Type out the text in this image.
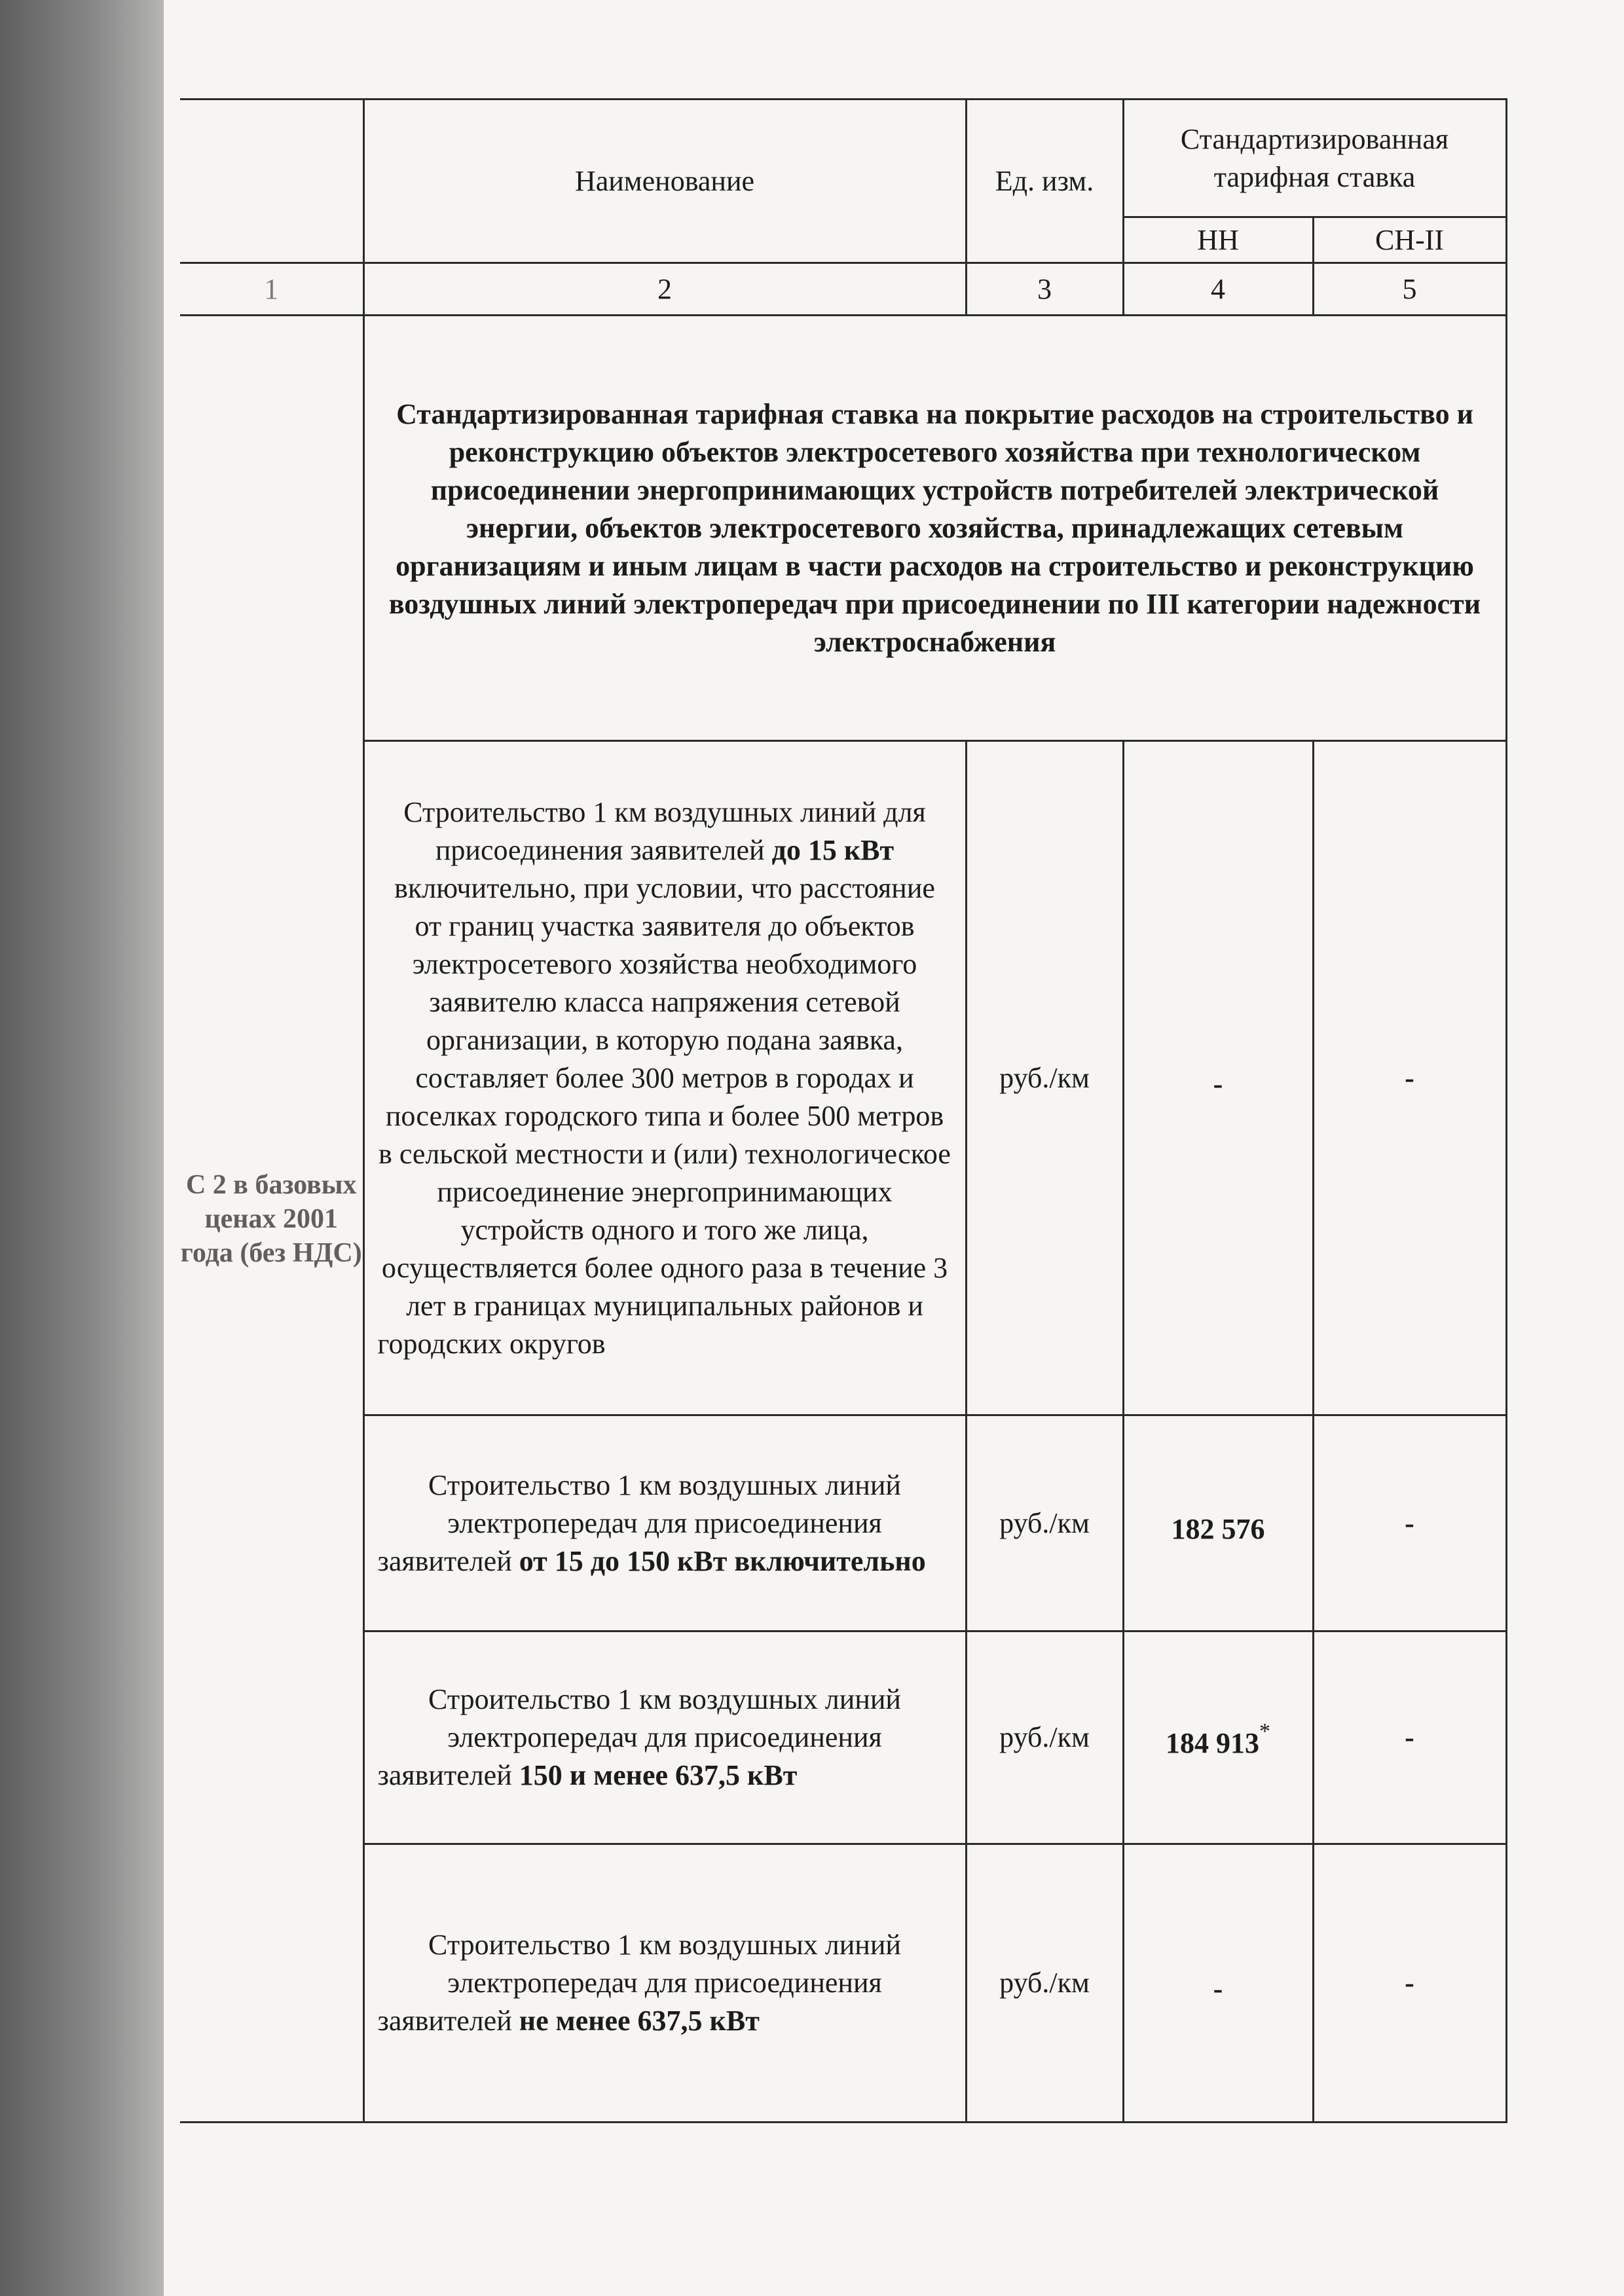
	Наименование	Ед. изм.	Стандартизированная тарифная ставка	
			НН	СН-II
1	2	3	4	5

С 2 в базовых ценах 2001 года (без НДС)	Стандартизированная тарифная ставка на покрытие расходов на строительство и реконструкцию объектов электросетевого хозяйства при технологическом присоединении энергопринимающих устройств потребителей электрической энергии, объектов электросетевого хозяйства, принадлежащих сетевым организациям и иным лицам в части расходов на строительство и реконструкцию воздушных линий электропередач при присоединении по III категории надежности электроснабжения			
	Строительство 1 км воздушных линий для присоединения заявителей до 15 кВт включительно, при условии, что расстояние от границ участка заявителя до объектов электросетевого хозяйства необходимого заявителю класса напряжения сетевой организации, в которую подана заявка, составляет более 300 метров в городах и поселках городского типа и более 500 метров в сельской местности и (или) технологическое присоединение энергопринимающих устройств одного и того же лица, осуществляется более одного раза в течение 3 лет в границах муниципальных районов и городских округов	руб./км	-	-
	Строительство 1 км воздушных линий электропередач для присоединения заявителей от 15 до 150 кВт включительно	руб./км	182 576	-
	Строительство 1 км воздушных линий электропередач для присоединения заявителей 150 и менее 637,5 кВт	руб./км	184 913*	-
	Строительство 1 км воздушных линий электропередач для присоединения заявителей не менее 637,5 кВт	руб./км	-	-
